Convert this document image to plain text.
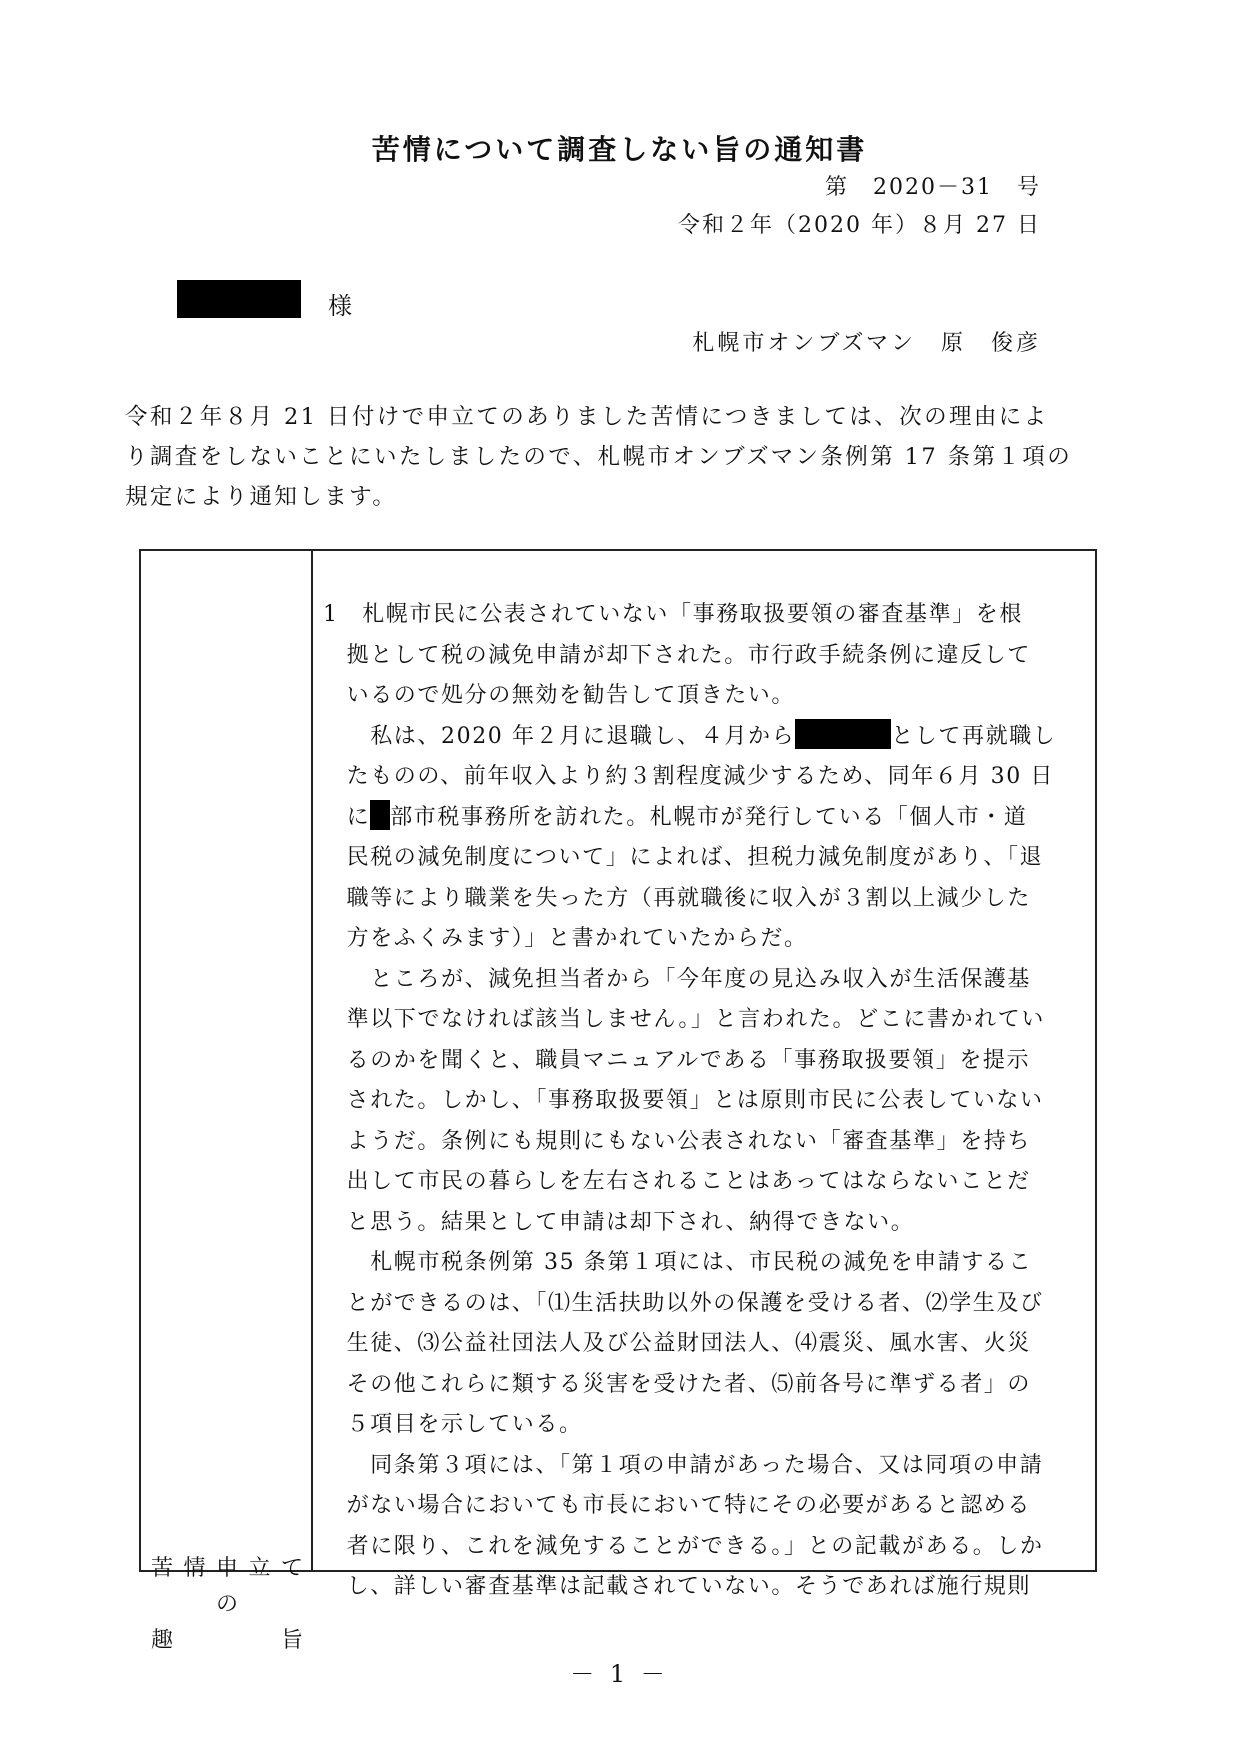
苦情について調査しない旨の通知書
第　2020－31　号
令和２年（2020 年）８月 27 日
様
札幌市オンブズマン　原　俊彦

令和２年８月 21 日付けで申立てのありました苦情につきましては、次の理由によ
り調査をしないことにいたしましたので、札幌市オンブズマン条例第 17 条第１項の
規定により通知します。

苦 情 申 立 て
の
趣	旨
1　札幌市民に公表されていない「事務取扱要領の審査基準」を根
　拠として税の減免申請が却下された。市行政手続条例に違反して
　いるので処分の無効を勧告して頂きたい。
　　私は、2020 年２月に退職し、４月から	として再就職し
　たものの、前年収入より約３割程度減少するため、同年６月 30 日
　に 部市税事務所を訪れた。札幌市が発行している「個人市・道
　民税の減免制度について」によれば、担税力減免制度があり、「退
　職等により職業を失った方（再就職後に収入が３割以上減少した
　方をふくみます）」と書かれていたからだ。
　　ところが、減免担当者から「今年度の見込み収入が生活保護基
　準以下でなければ該当しません。」と言われた。どこに書かれてい
　るのかを聞くと、職員マニュアルである「事務取扱要領」を提示
　された。しかし、「事務取扱要領」とは原則市民に公表していない
　ようだ。条例にも規則にもない公表されない「審査基準」を持ち
　出して市民の暮らしを左右されることはあってはならないことだ
　と思う。結果として申請は却下され、納得できない。
　　札幌市税条例第 35 条第１項には、市民税の減免を申請するこ
　とができるのは、「⑴生活扶助以外の保護を受ける者、⑵学生及び
　生徒、⑶公益社団法人及び公益財団法人、⑷震災、風水害、火災
　その他これらに類する災害を受けた者、⑸前各号に準ずる者」の
　５項目を示している。
　　同条第３項には、「第１項の申請があった場合、又は同項の申請
　がない場合においても市長において特にその必要があると認める
　者に限り、これを減免することができる。」との記載がある。しか
　し、詳しい審査基準は記載されていない。そうであれば施行規則
－ 1 －
